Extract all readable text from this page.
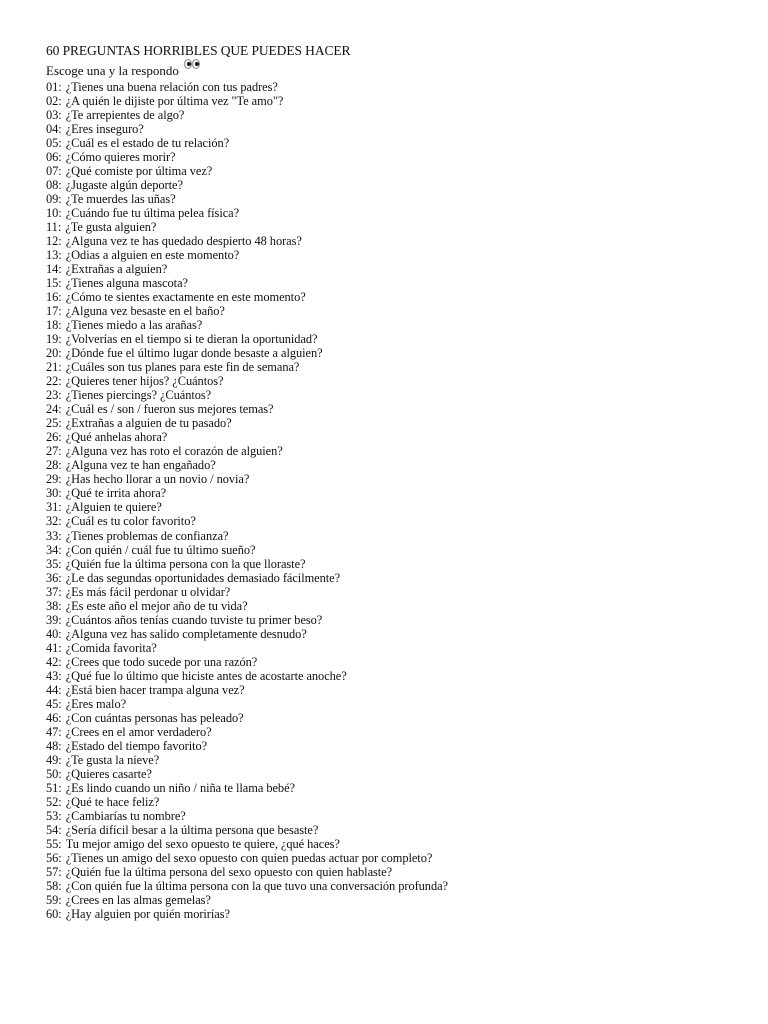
60 PREGUNTAS HORRIBLES QUE PUEDES HACER
Escoge una y la respondo
01: ¿Tienes una buena relación con tus padres?
02: ¿A quién le dijiste por última vez "Te amo"?
03: ¿Te arrepientes de algo?
04: ¿Eres inseguro?
05: ¿Cuál es el estado de tu relación?
06: ¿Cómo quieres morir?
07: ¿Qué comiste por última vez?
08: ¿Jugaste algún deporte?
09: ¿Te muerdes las uñas?
10: ¿Cuándo fue tu última pelea física?
11: ¿Te gusta alguien?
12: ¿Alguna vez te has quedado despierto 48 horas?
13: ¿Odias a alguien en este momento?
14: ¿Extrañas a alguien?
15: ¿Tienes alguna mascota?
16: ¿Cómo te sientes exactamente en este momento?
17: ¿Alguna vez besaste en el baño?
18: ¿Tienes miedo a las arañas?
19: ¿Volverías en el tiempo si te dieran la oportunidad?
20: ¿Dónde fue el último lugar donde besaste a alguien?
21: ¿Cuáles son tus planes para este fin de semana?
22: ¿Quieres tener hijos? ¿Cuántos?
23: ¿Tienes piercings? ¿Cuántos?
24: ¿Cuál es / son / fueron sus mejores temas?
25: ¿Extrañas a alguien de tu pasado?
26: ¿Qué anhelas ahora?
27: ¿Alguna vez has roto el corazón de alguien?
28: ¿Alguna vez te han engañado?
29: ¿Has hecho llorar a un novio / novia?
30: ¿Qué te irrita ahora?
31: ¿Alguien te quiere?
32: ¿Cuál es tu color favorito?
33: ¿Tienes problemas de confianza?
34: ¿Con quién / cuál fue tu último sueño?
35: ¿Quién fue la última persona con la que lloraste?
36: ¿Le das segundas oportunidades demasiado fácilmente?
37: ¿Es más fácil perdonar u olvidar?
38: ¿Es este año el mejor año de tu vida?
39: ¿Cuántos años tenías cuando tuviste tu primer beso?
40: ¿Alguna vez has salido completamente desnudo?
41: ¿Comida favorita?
42: ¿Crees que todo sucede por una razón?
43: ¿Qué fue lo último que hiciste antes de acostarte anoche?
44: ¿Está bien hacer trampa alguna vez?
45: ¿Eres malo?
46: ¿Con cuántas personas has peleado?
47: ¿Crees en el amor verdadero?
48: ¿Estado del tiempo favorito?
49: ¿Te gusta la nieve?
50: ¿Quieres casarte?
51: ¿Es lindo cuando un niño / niña te llama bebé?
52: ¿Qué te hace feliz?
53: ¿Cambiarías tu nombre?
54: ¿Sería difícil besar a la última persona que besaste?
55: Tu mejor amigo del sexo opuesto te quiere, ¿qué haces?
56: ¿Tienes un amigo del sexo opuesto con quien puedas actuar por completo?
57: ¿Quién fue la última persona del sexo opuesto con quien hablaste?
58: ¿Con quién fue la última persona con la que tuvo una conversación profunda?
59: ¿Crees en las almas gemelas?
60: ¿Hay alguien por quién morirías?
